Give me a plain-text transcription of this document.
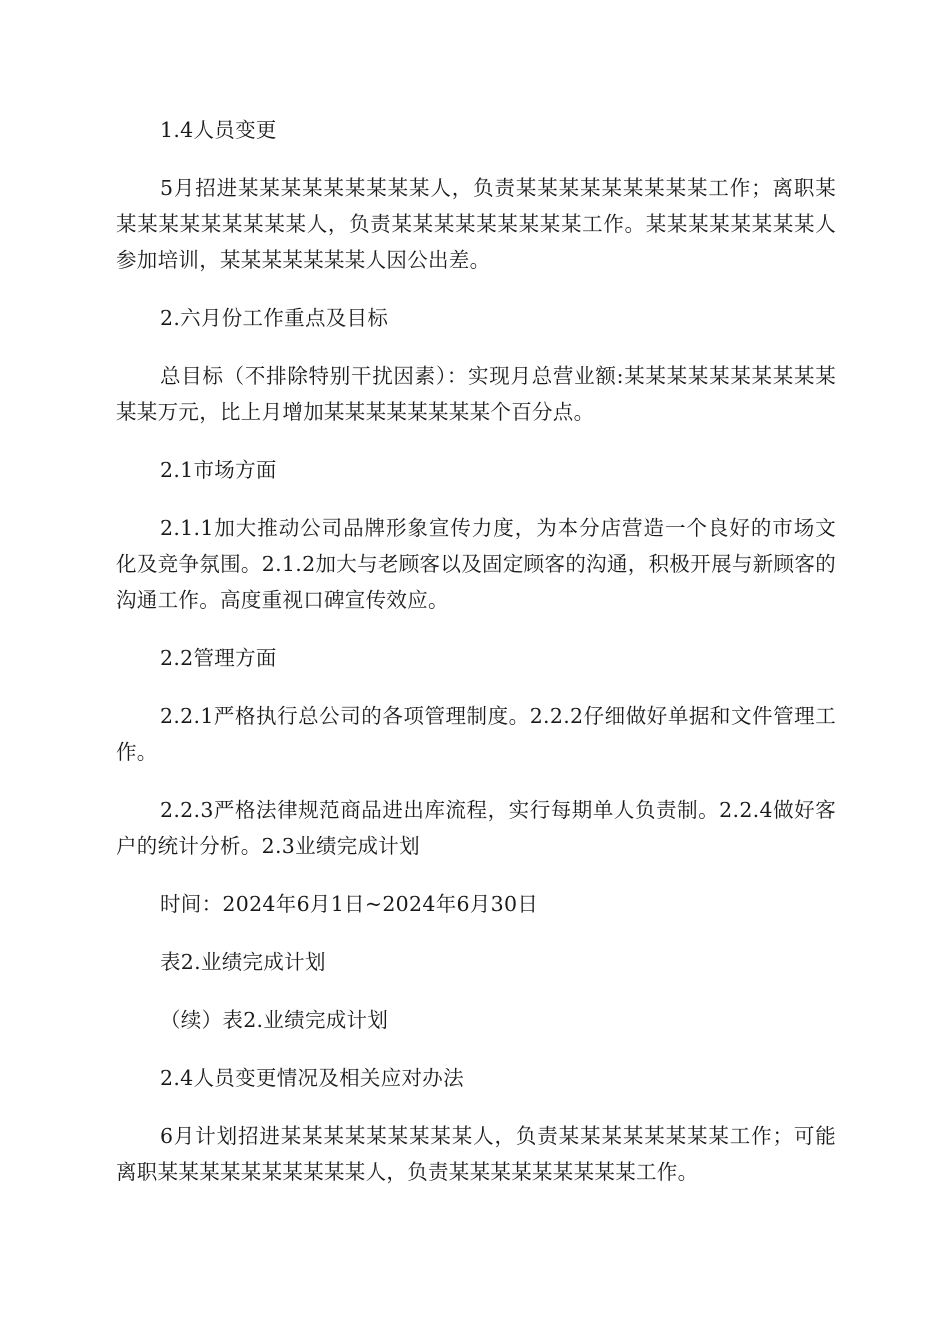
1.4人员变更

5月招进某某某某某某某某某人，负责某某某某某某某某某工作；离职某某某某某某某某某某人，负责某某某某某某某某某工作。某某某某某某某某人参加培训，某某某某某某某人因公出差。

2.六月份工作重点及目标

总目标（不排除特别干扰因素）：实现月总营业额:某某某某某某某某某某某某万元，比上月增加某某某某某某某某个百分点。

2.1市场方面

2.1.1加大推动公司品牌形象宣传力度，为本分店营造一个良好的市场文化及竞争氛围。2.1.2加大与老顾客以及固定顾客的沟通，积极开展与新顾客的沟通工作。高度重视口碑宣传效应。

2.2管理方面

2.2.1严格执行总公司的各项管理制度。2.2.2仔细做好单据和文件管理工作。

2.2.3严格法律规范商品进出库流程，实行每期单人负责制。2.2.4做好客户的统计分析。2.3业绩完成计划

时间：2024年6月1日~2024年6月30日

表2.业绩完成计划

（续）表2.业绩完成计划

2.4人员变更情况及相关应对办法

6月计划招进某某某某某某某某某人，负责某某某某某某某某工作；可能离职某某某某某某某某某某人，负责某某某某某某某某某工作。
